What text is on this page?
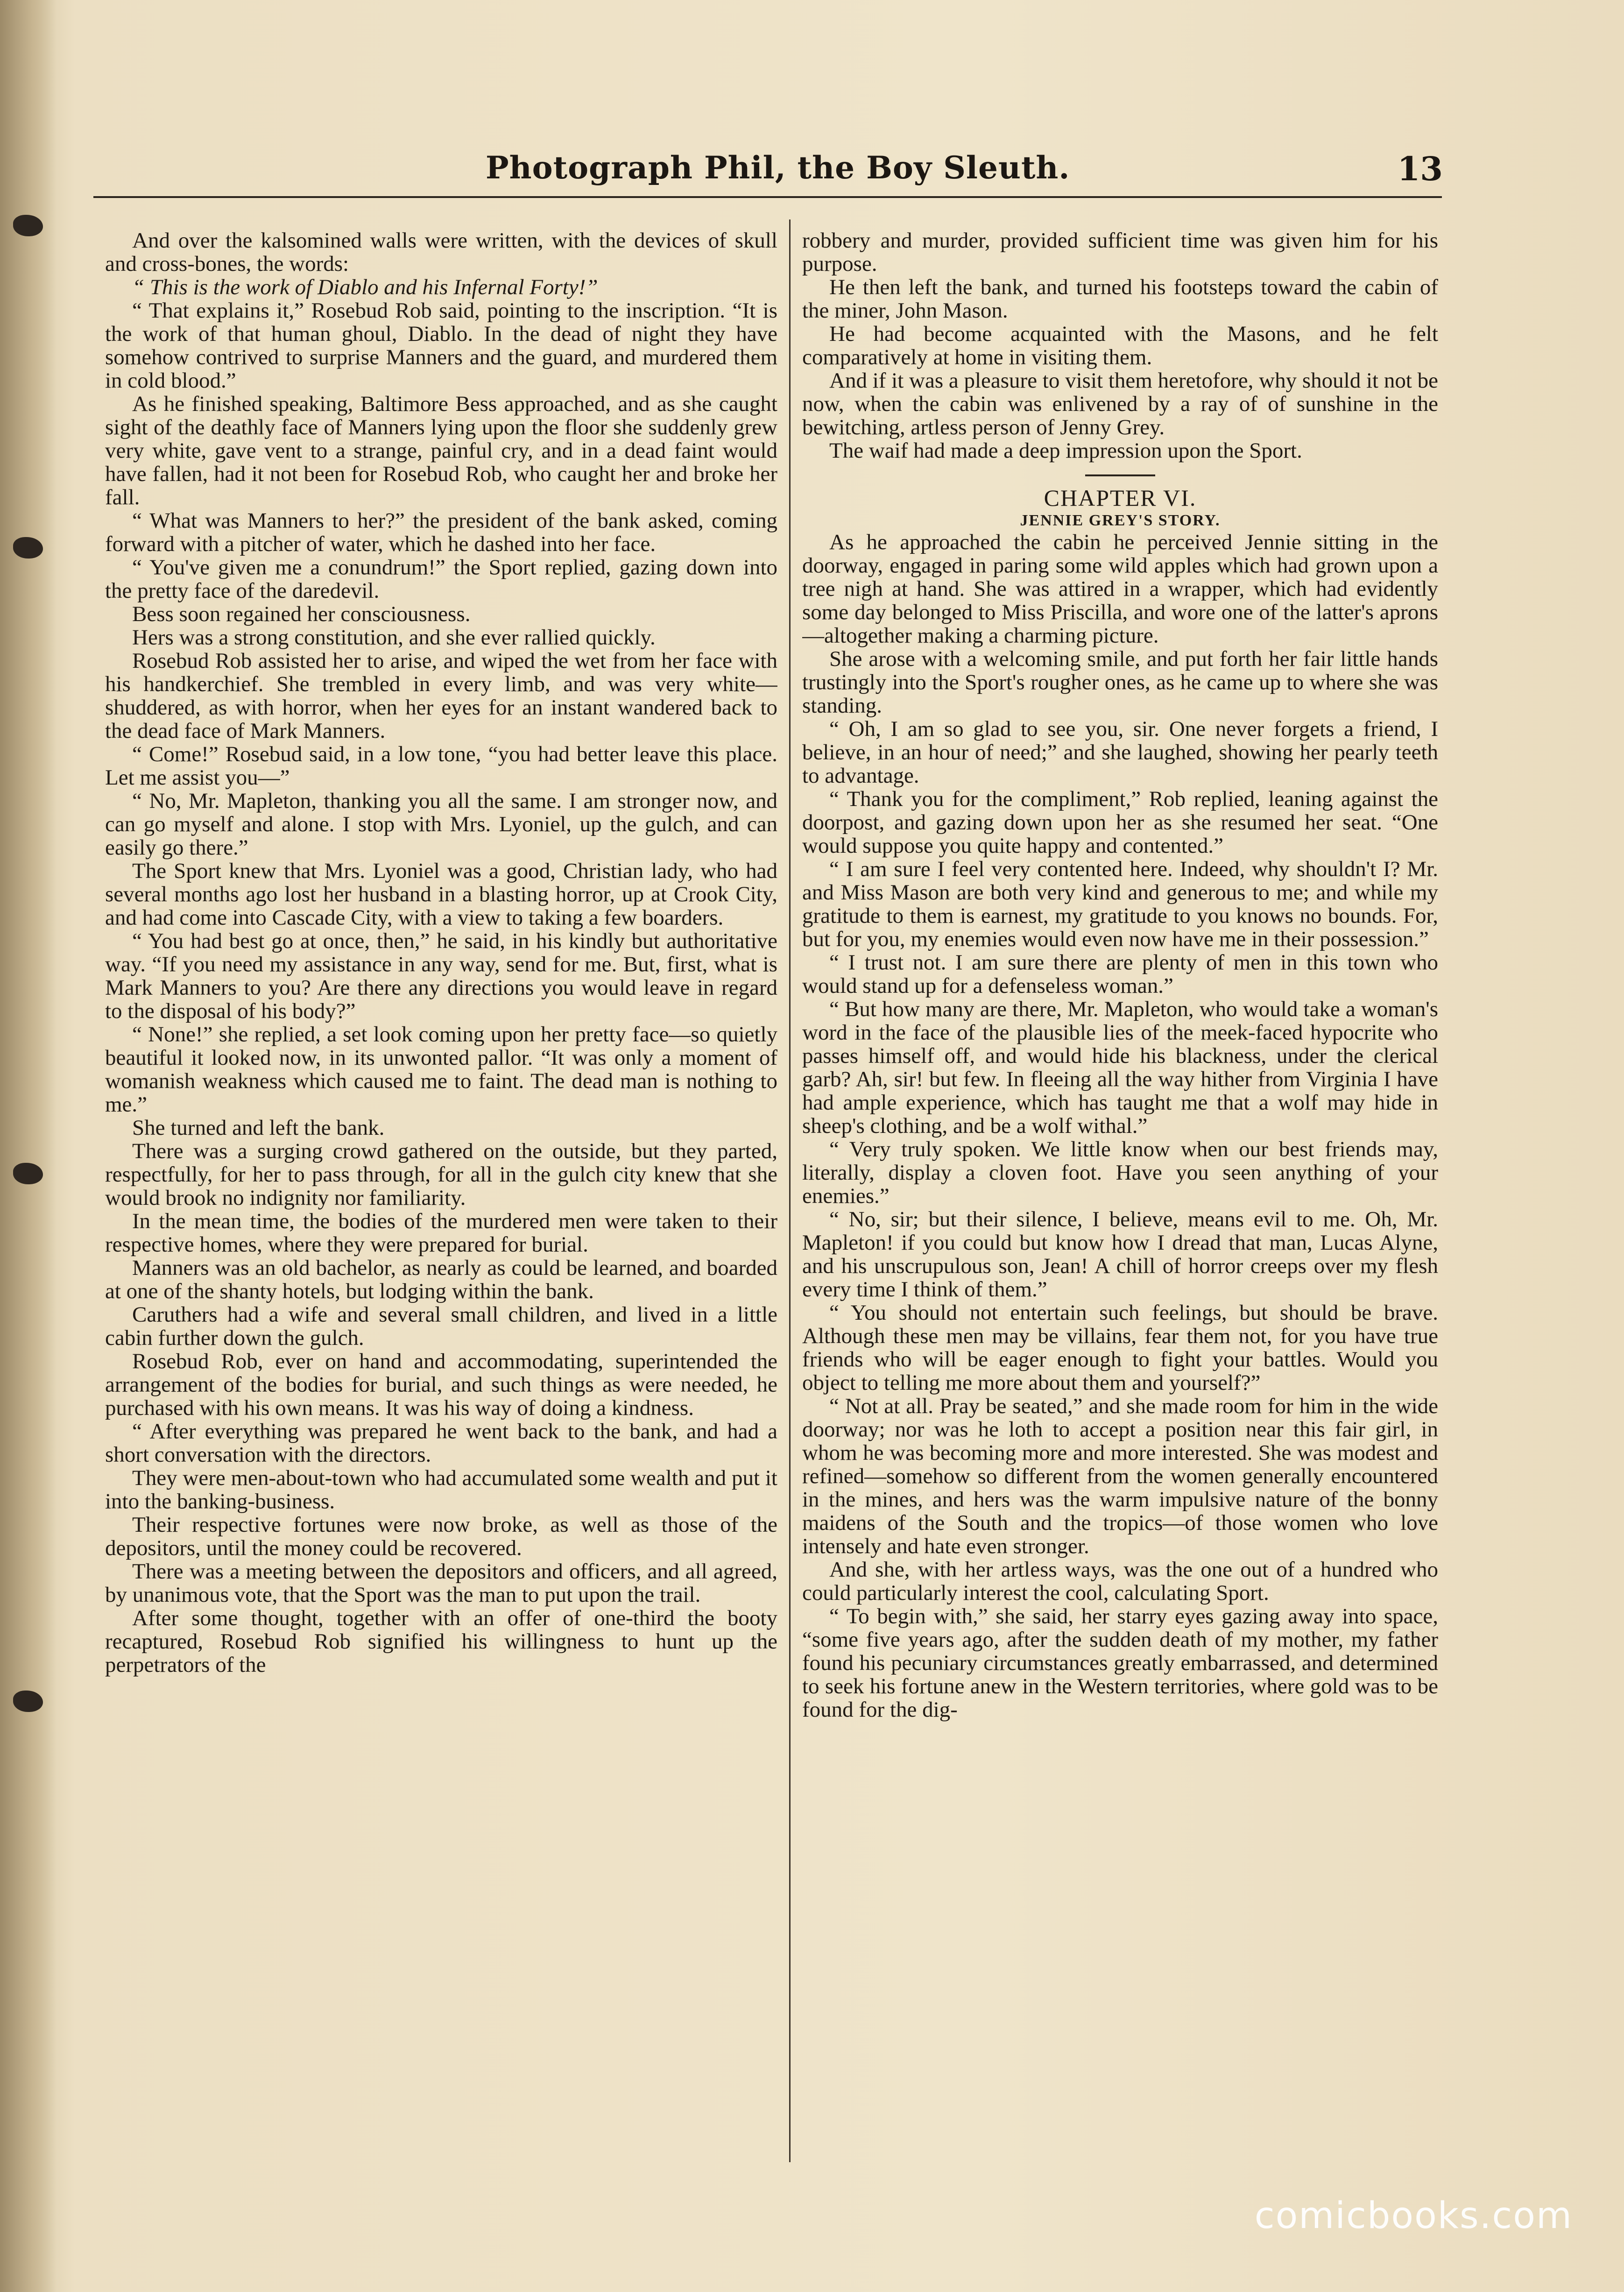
Photograph Phil, the Boy Sleuth.	13

And over the kalsomined walls were written, with the devices of skull and cross-bones, the words:

“ This is the work of Diablo and his Infernal Forty!”

“ That explains it,” Rosebud Rob said, pointing to the inscription. “It is the work of that human ghoul, Diablo. In the dead of night they have somehow contrived to surprise Manners and the guard, and murdered them in cold blood.”

As he finished speaking, Baltimore Bess approached, and as she caught sight of the deathly face of Manners lying upon the floor she suddenly grew very white, gave vent to a strange, painful cry, and in a dead faint would have fallen, had it not been for Rosebud Rob, who caught her and broke her fall.

“ What was Manners to her?” the president of the bank asked, coming forward with a pitcher of water, which he dashed into her face.

“ You've given me a conundrum!” the Sport replied, gazing down into the pretty face of the daredevil.

Bess soon regained her consciousness.

Hers was a strong constitution, and she ever rallied quickly.

Rosebud Rob assisted her to arise, and wiped the wet from her face with his handkerchief. She trembled in every limb, and was very white—shuddered, as with horror, when her eyes for an instant wandered back to the dead face of Mark Manners.

“ Come!” Rosebud said, in a low tone, “you had better leave this place. Let me assist you—”

“ No, Mr. Mapleton, thanking you all the same. I am stronger now, and can go myself and alone. I stop with Mrs. Lyoniel, up the gulch, and can easily go there.”

The Sport knew that Mrs. Lyoniel was a good, Christian lady, who had several months ago lost her husband in a blasting horror, up at Crook City, and had come into Cascade City, with a view to taking a few boarders.

“ You had best go at once, then,” he said, in his kindly but authoritative way. “If you need my assistance in any way, send for me. But, first, what is Mark Manners to you? Are there any directions you would leave in regard to the disposal of his body?”

“ None!” she replied, a set look coming upon her pretty face—so quietly beautiful it looked now, in its unwonted pallor. “It was only a moment of womanish weakness which caused me to faint. The dead man is nothing to me.”

She turned and left the bank.

There was a surging crowd gathered on the outside, but they parted, respectfully, for her to pass through, for all in the gulch city knew that she would brook no indignity nor familiarity.

In the mean time, the bodies of the murdered men were taken to their respective homes, where they were prepared for burial.

Manners was an old bachelor, as nearly as could be learned, and boarded at one of the shanty hotels, but lodging within the bank.

Caruthers had a wife and several small children, and lived in a little cabin further down the gulch.

Rosebud Rob, ever on hand and accommodating, superintended the arrangement of the bodies for burial, and such things as were needed, he purchased with his own means. It was his way of doing a kindness.

“ After everything was prepared he went back to the bank, and had a short conversation with the directors.

They were men-about-town who had accumulated some wealth and put it into the banking-business.

Their respective fortunes were now broke, as well as those of the depositors, until the money could be recovered.

There was a meeting between the depositors and officers, and all agreed, by unanimous vote, that the Sport was the man to put upon the trail.

After some thought, together with an offer of one-third the booty recaptured, Rosebud Rob signified his willingness to hunt up the perpetrators of the

robbery and murder, provided sufficient time was given him for his purpose.

He then left the bank, and turned his footsteps toward the cabin of the miner, John Mason.

He had become acquainted with the Masons, and he felt comparatively at home in visiting them.

And if it was a pleasure to visit them heretofore, why should it not be now, when the cabin was enlivened by a ray of of sunshine in the bewitching, artless person of Jenny Grey.

The waif had made a deep impression upon the Sport.

CHAPTER VI.
JENNIE GREY'S STORY.

As he approached the cabin he perceived Jennie sitting in the doorway, engaged in paring some wild apples which had grown upon a tree nigh at hand. She was attired in a wrapper, which had evidently some day belonged to Miss Priscilla, and wore one of the latter's aprons—altogether making a charming picture.

She arose with a welcoming smile, and put forth her fair little hands trustingly into the Sport's rougher ones, as he came up to where she was standing.

“ Oh, I am so glad to see you, sir. One never forgets a friend, I believe, in an hour of need;” and she laughed, showing her pearly teeth to advantage.

“ Thank you for the compliment,” Rob replied, leaning against the doorpost, and gazing down upon her as she resumed her seat. “One would suppose you quite happy and contented.”

“ I am sure I feel very contented here. Indeed, why shouldn't I? Mr. and Miss Mason are both very kind and generous to me; and while my gratitude to them is earnest, my gratitude to you knows no bounds. For, but for you, my enemies would even now have me in their possession.”

“ I trust not. I am sure there are plenty of men in this town who would stand up for a defenseless woman.”

“ But how many are there, Mr. Mapleton, who would take a woman's word in the face of the plausible lies of the meek-faced hypocrite who passes himself off, and would hide his blackness, under the clerical garb? Ah, sir! but few. In fleeing all the way hither from Virginia I have had ample experience, which has taught me that a wolf may hide in sheep's clothing, and be a wolf withal.”

“ Very truly spoken. We little know when our best friends may, literally, display a cloven foot. Have you seen anything of your enemies.”

“ No, sir; but their silence, I believe, means evil to me. Oh, Mr. Mapleton! if you could but know how I dread that man, Lucas Alyne, and his unscrupulous son, Jean! A chill of horror creeps over my flesh every time I think of them.”

“ You should not entertain such feelings, but should be brave. Although these men may be villains, fear them not, for you have true friends who will be eager enough to fight your battles. Would you object to telling me more about them and yourself?”

“ Not at all. Pray be seated,” and she made room for him in the wide doorway; nor was he loth to accept a position near this fair girl, in whom he was becoming more and more interested. She was modest and refined—somehow so different from the women generally encountered in the mines, and hers was the warm impulsive nature of the bonny maidens of the South and the tropics—of those women who love intensely and hate even stronger.

And she, with her artless ways, was the one out of a hundred who could particularly interest the cool, calculating Sport.

“ To begin with,” she said, her starry eyes gazing away into space, “some five years ago, after the sudden death of my mother, my father found his pecuniary circumstances greatly embarrassed, and determined to seek his fortune anew in the Western territories, where gold was to be found for the dig-

comicbooks.com
